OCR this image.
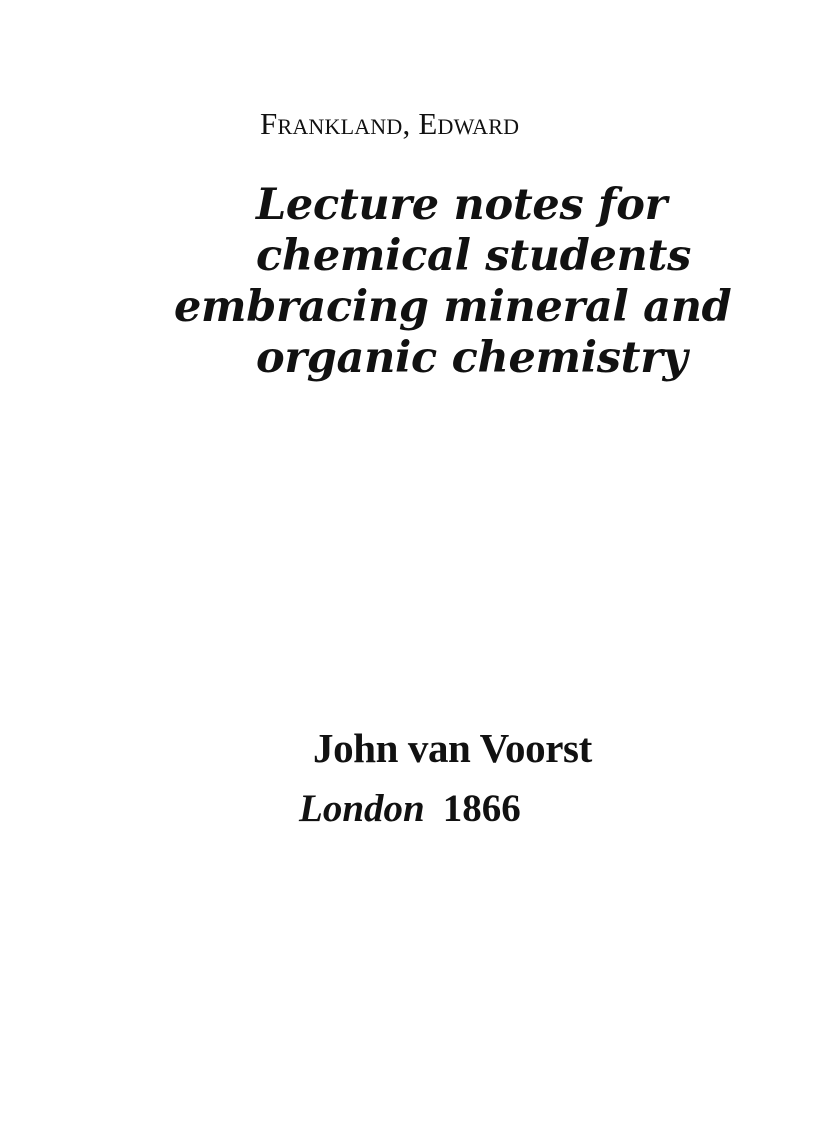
Frankland, Edward
Lecture notes for
chemical students
embracing mineral and
organic chemistry
John van Voorst
London 1866
